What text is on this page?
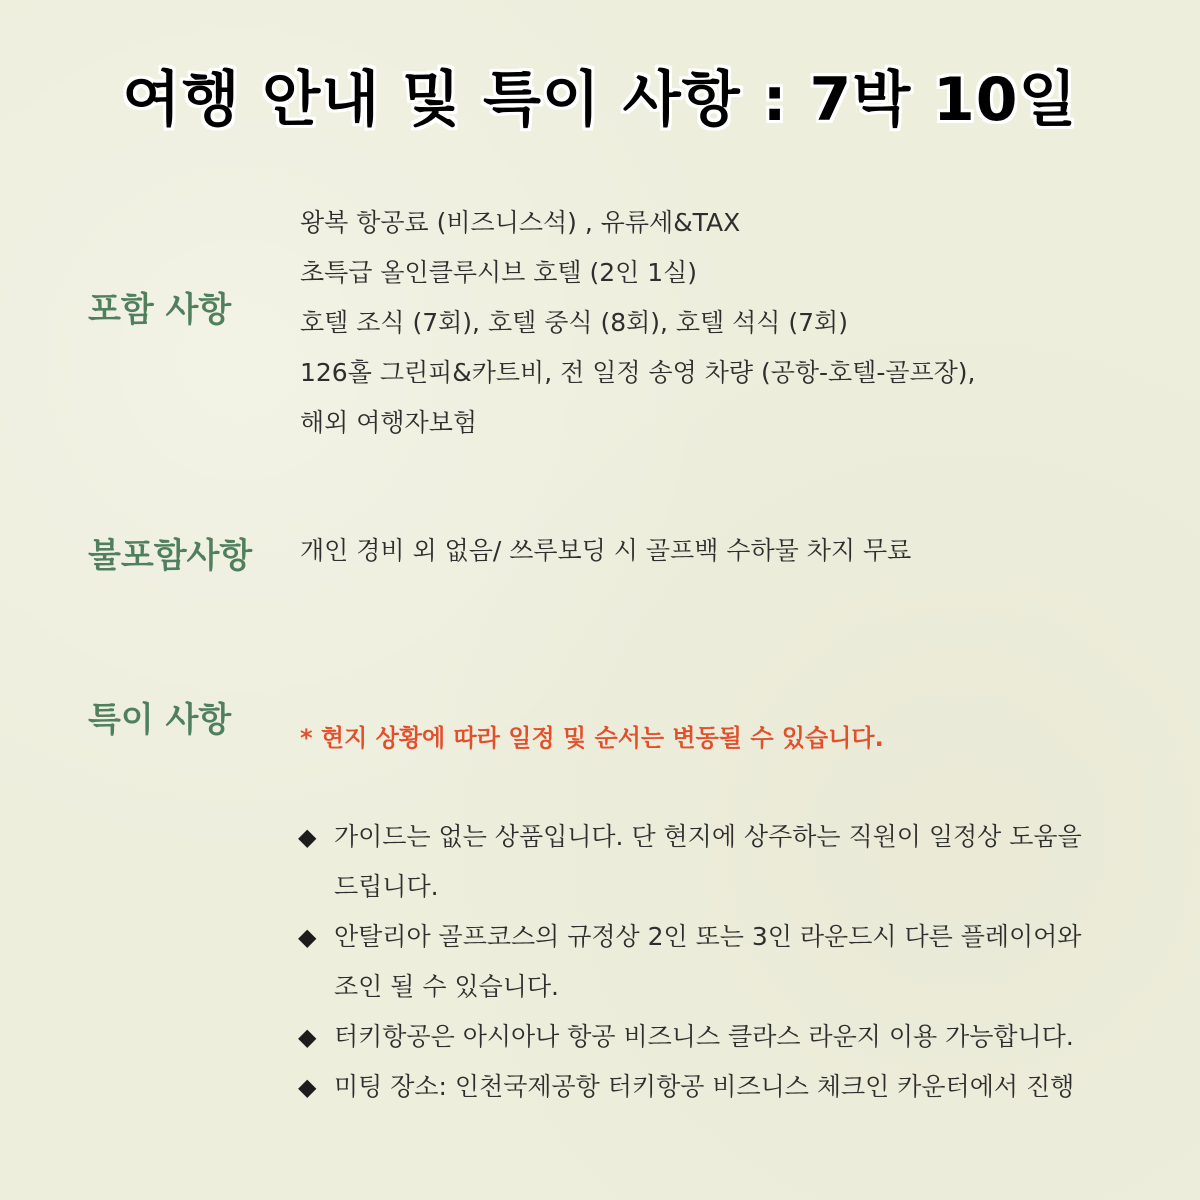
여행 안내 및 특이 사항 : 7박 10일
포함 사항
왕복 항공료 (비즈니스석) , 유류세&TAX
초특급 올인클루시브 호텔 (2인 1실)
호텔 조식 (7회), 호텔 중식 (8회), 호텔 석식 (7회)
126홀 그린피&카트비, 전 일정 송영 차량 (공항-호텔-골프장),
해외 여행자보험
불포함사항	개인 경비 외 없음/ 쓰루보딩 시 골프백 수하물 차지 무료
특이 사항	* 현지 상황에 따라 일정 및 순서는 변동될 수 있습니다.
◆ 가이드는 없는 상품입니다. 단 현지에 상주하는 직원이 일정상 도움을
드립니다.
◆ 안탈리아 골프코스의 규정상 2인 또는 3인 라운드시 다른 플레이어와
조인 될 수 있습니다.
◆ 터키항공은 아시아나 항공 비즈니스 클라스 라운지 이용 가능합니다.
◆ 미팅 장소: 인천국제공항 터키항공 비즈니스 체크인 카운터에서 진행
